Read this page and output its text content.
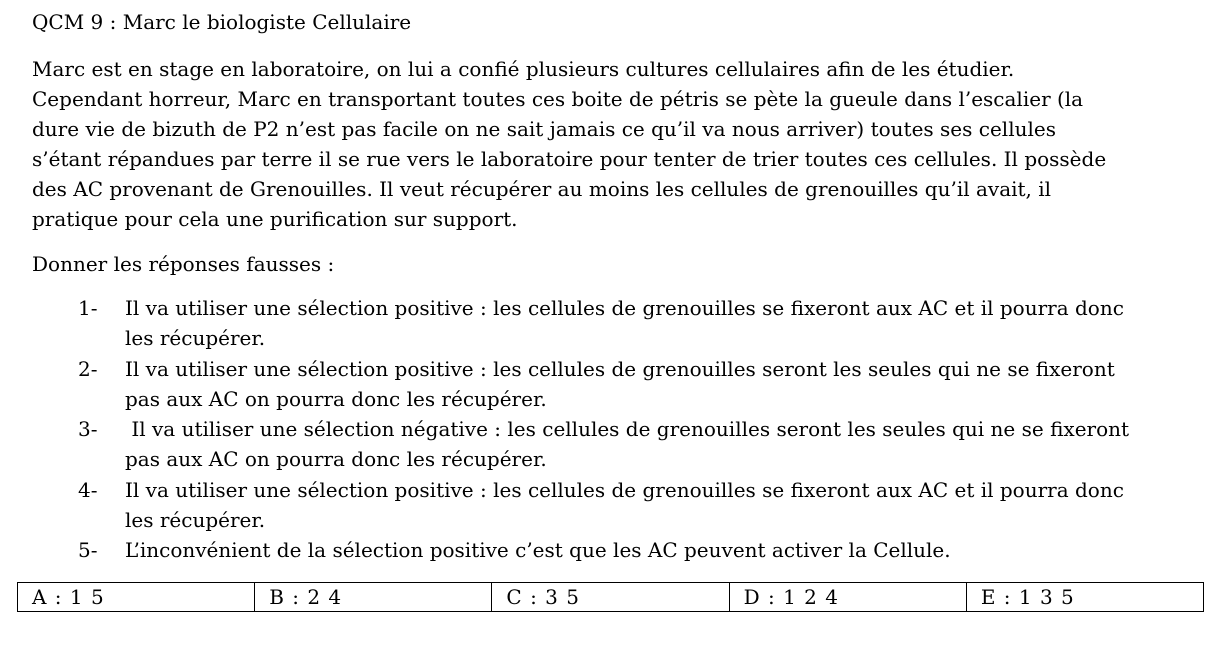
QCM 9 : Marc le biologiste Cellulaire
Marc est en stage en laboratoire, on lui a confié plusieurs cultures cellulaires afin de les étudier.
Cependant horreur, Marc en transportant toutes ces boite de pétris se pète la gueule dans l’escalier (la
dure vie de bizuth de P2 n’est pas facile on ne sait jamais ce qu’il va nous arriver) toutes ses cellules
s’étant répandues par terre il se rue vers le laboratoire pour tenter de trier toutes ces cellules. Il possède
des AC provenant de Grenouilles. Il veut récupérer au moins les cellules de grenouilles qu’il avait, il
pratique pour cela une purification sur support.
Donner les réponses fausses :
1- Il va utiliser une sélection positive : les cellules de grenouilles se fixeront aux AC et il pourra donc
les récupérer.
2- Il va utiliser une sélection positive : les cellules de grenouilles seront les seules qui ne se fixeront
pas aux AC on pourra donc les récupérer.
3- Il va utiliser une sélection négative : les cellules de grenouilles seront les seules qui ne se fixeront
pas aux AC on pourra donc les récupérer.
4- Il va utiliser une sélection positive : les cellules de grenouilles se fixeront aux AC et il pourra donc
les récupérer.
5- L’inconvénient de la sélection positive c’est que les AC peuvent activer la Cellule.
A : 1 5	B : 2 4	C : 3 5	D : 1 2 4	E : 1 3 5
